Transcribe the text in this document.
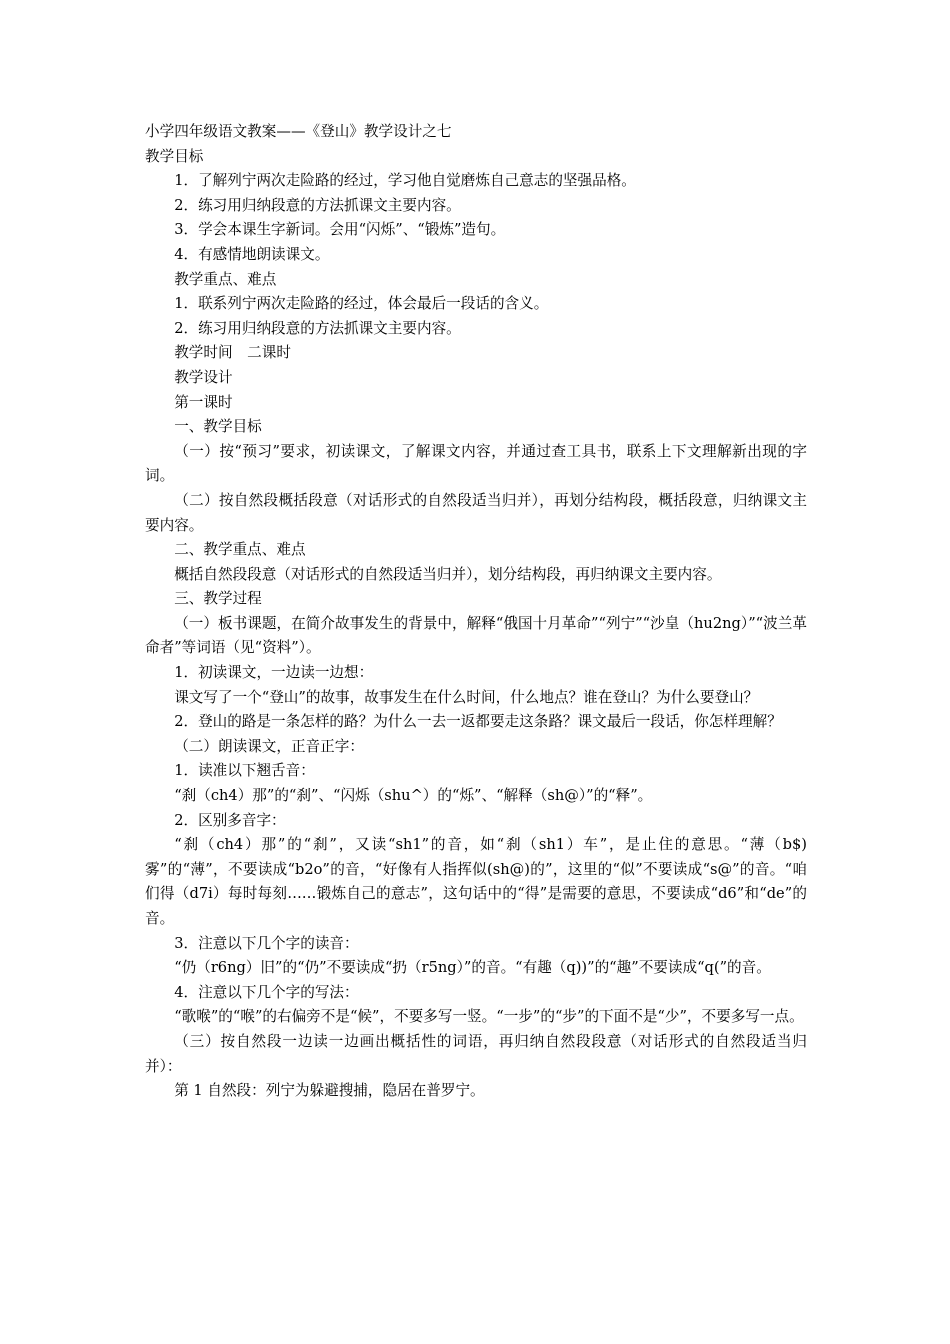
小学四年级语文教案——《登山》教学设计之七

教学目标

1．了解列宁两次走险路的经过，学习他自觉磨炼自己意志的坚强品格。

2．练习用归纳段意的方法抓课文主要内容。

3．学会本课生字新词。会用“闪烁”、“锻炼”造句。

4．有感情地朗读课文。

教学重点、难点

1．联系列宁两次走险路的经过，体会最后一段话的含义。

2．练习用归纳段意的方法抓课文主要内容。

教学时间　二课时

教学设计

第一课时

一、教学目标

（一）按“预习”要求，初读课文，了解课文内容，并通过查工具书，联系上下文理解新出现的字词。

（二）按自然段概括段意（对话形式的自然段适当归并），再划分结构段，概括段意，归纳课文主要内容。

二、教学重点、难点

概括自然段段意（对话形式的自然段适当归并），划分结构段，再归纳课文主要内容。

三、教学过程

（一）板书课题，在简介故事发生的背景中，解释“俄国十月革命”“列宁”“沙皇（hu2ng）”“波兰革命者”等词语（见“资料”）。

1．初读课文，一边读一边想：

课文写了一个“登山”的故事，故事发生在什么时间，什么地点？谁在登山？为什么要登山？

2．登山的路是一条怎样的路？为什么一去一返都要走这条路？课文最后一段话，你怎样理解？

（二）朗读课文，正音正字：

1．读准以下翘舌音：

“刹（ch4）那”的“刹”、“闪烁（shu^）的“烁”、“解释（sh@）”的“释”。

2．区别多音字：

“刹（ch4）那”的“刹”，又读“sh1”的音，如“刹（sh1）车”，是止住的意思。“薄（b$)雾”的“薄”，不要读成“b2o”的音，“好像有人指挥似(sh@)的”，这里的“似”不要读成“s@”的音。“咱们得（d7i）每时每刻……锻炼自己的意志”，这句话中的“得”是需要的意思，不要读成“d6”和“de”的音。

3．注意以下几个字的读音：

“仍（r6ng）旧”的“仍”不要读成“扔（r5ng）”的音。“有趣（q))”的“趣”不要读成“q(”的音。

4．注意以下几个字的写法：

“歌喉”的“喉”的右偏旁不是“候”，不要多写一竖。“一步”的“步”的下面不是“少”，不要多写一点。

（三）按自然段一边读一边画出概括性的词语，再归纳自然段段意（对话形式的自然段适当归并）：

第 1 自然段：列宁为躲避搜捕，隐居在普罗宁。
